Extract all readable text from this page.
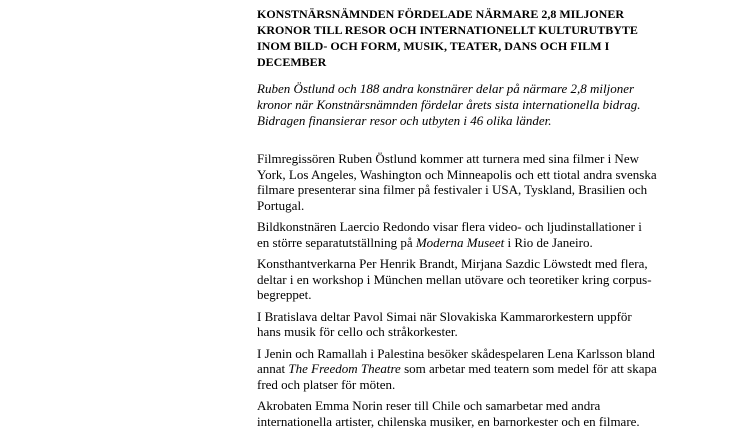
KONSTNÄRSNÄMNDEN FÖRDELADE NÄRMARE 2,8 MILJONER KRONOR TILL RESOR OCH INTERNATIONELLT KULTURUTBYTE INOM BILD- OCH FORM, MUSIK, TEATER, DANS OCH FILM I DECEMBER

Ruben Östlund och 188 andra konstnärer delar på närmare 2,8 miljoner kronor när Konstnärsnämnden fördelar årets sista internationella bidrag. Bidragen finansierar resor och utbyten i 46 olika länder.

Filmregissören Ruben Östlund kommer att turnera med sina filmer i New York, Los Angeles, Washington och Minneapolis och ett tiotal andra svenska filmare presenterar sina filmer på festivaler i USA, Tyskland, Brasilien och Portugal.

Bildkonstnären Laercio Redondo visar flera video- och ljudinstallationer i en större separatutställning på Moderna Museet i Rio de Janeiro.

Konsthantverkarna Per Henrik Brandt, Mirjana Sazdic Löwstedt med flera, deltar i en workshop i München mellan utövare och teoretiker kring corpus-begreppet.

I Bratislava deltar Pavol Simai när Slovakiska Kammarorkestern uppför hans musik för cello och stråkorkester.

I Jenin och Ramallah i Palestina besöker skådespelaren Lena Karlsson bland annat The Freedom Theatre som arbetar med teatern som medel för att skapa fred och platser för möten.

Akrobaten Emma Norin reser till Chile och samarbetar med andra internationella artister, chilenska musiker, en barnorkester och en filmare.
